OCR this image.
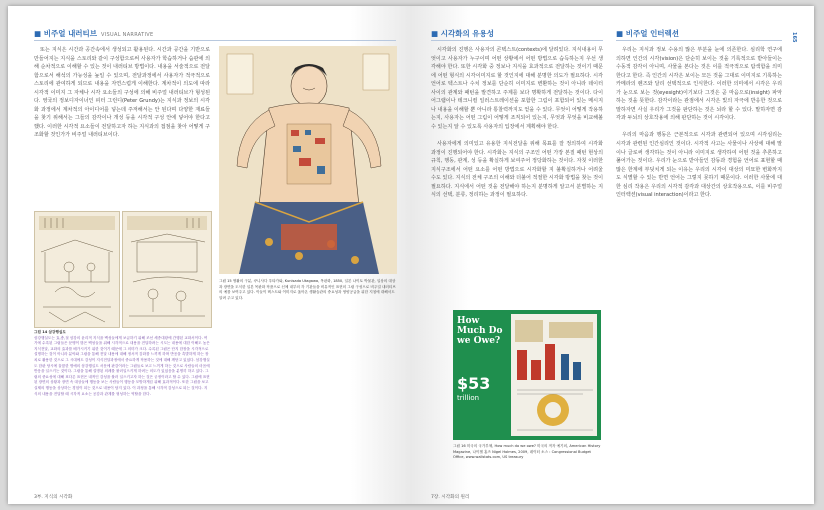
■ 비주얼 내러티브 VISUAL NARRATIVE

또는 지식은 시간과 공간속에서 생성되고 활용된다. 시간과 공간을 기반으로 만들어지는 지식을 스토리와 같이 구성함으로써 사용자가 학습하거나 습관에 의해 순차적으로 이해할 수 있는 것이 내러티브 방법이다. 내용을 서술적으로 전달함으로서 해석의 가능성을 높일 수 있으며, 전달과정에서 사용자가 적극적으로 스토리에 관여하게 되므로 내용을 자연스럽게 이해한다. 계차적이 의도에 따라 시각적 이미지 그 자체나 시각 요소들의 구성에 의해 비주얼 내러티브가 형성된다. 영국의 정보디자이너인 피터 그런디(Peter Grundy)는 지식과 정보의 시각화 과정에서 계차적의 아이디어를 넣는데 주저해서는 안 된다며 다양한 재료들을 찾기 위해서는 그들의 감각이나 개성 등을 시각적 구성 안에 넣어야 한다고 했다. 이러한 시각적 요소들이 전달하고자 하는 지식과의 접점을 찾아 어떻게 구조화할 것인가가 비주얼 내러티브이다.

그림 14 삼강행실도
삼강행실도는 효,충,절 삼강의 윤리적 지식을 백성들에게 보급하기 위해 조선 세종대왕에 간행된 교화서이다. 여기에 수록된 그림들은 문맹이 많은 백성들을 위해 시각적으로 내용을 전달하려는 시도는 내용에 대한 이해도 높은 지식전달, 교화의 효과를 배가시키기 위한 것이기 때문에 그 의미가 크다. 수록된 그림은 단지 한장을 시각적으로 설명하는 것이 아니라 분야와 그림을 통해 전달 내용에 대해 정서적 감화를 느끼게 하며 반응을 촉발하게 하는 장치로 활용한 것으로 그 시대에도 감성이 지식전달과정에서 중요하게 작용하는 것에 대해 깨닫고 있었다. 삼강행실도 한판 당시에 훌륭한 명예의 삼강행실도 서문에 판감이라는 그림들로 보고 느끼게 하는 것으로 사람들의 마음에 반응을 일으키는 것이다. 그림을 통해 설명된 의례를 불러일으키게 하려는 의도가 있었음을 분명히 하고 있다. 그림의 중요성에 대해 표다른 표현은 내적인 감성을 불러 일으키고자 하는 것은 궁정이라고 할 수 있다. 그림에 표현된 장면의 상황과 장면 속 대상들에 행동을 보는 사람들이 행동을 모방하게끔 위해 효과적이다. 또한 그림을 보고 실제의 행동을 상상하는 경험이 되는 것으로 내용이 담겨 있다. 이 과정을 통해 시각적 감성으로 되는 것이다. 지식의 내용을 전달할 때 시각적 요소는 공감과 관계를 형성하는 역할을 한다.
그림 15 생활의 구분, 쿠니사다 우타가와, Kunisada Utagawa, 목판화, 1850, 일본 나이토 박물관, 일상의 대상과 장면을 도식한 일본 목판화 작품으로 신체 내부의 각 기관들을 비유적인 표현의 그림 구성으로 비주얼 내러티브의 예를 보여주고 있다. 이들이 텍스트와 이미지로 옮아온 생활습관의 중요성과 영양공급을 위한 지침에 대해서도 알려 주고 있다.
3부. 지식의 시각화
■ 시각화의 유용성	■ 비주얼 인터렉션	165

시각화의 진행은 사용자의 콘텍스트(contexts)에 달려있다. 지식내용이 무엇이고 사용자가 누구이며 어떤 상황에서 어떤 방법으로 습득하는지 우선 생각해야 한다. 또한 시각화 중 정보나 지식을 효과적으로 전달하는 것이기 때문에 어떤 형식의 시각이미지로 할 것인지에 대해 분명한 의도가 필요하다. 시각 언어로 텍스트나 수치 정보를 단순히 이미지로 변환하는 것이 아니라 데이터 사이의 관계와 패턴을 발견하고 주제를 보다 명확하게 전달하는 것이다. 다이어그램이나 테크니컬 일러스트레이션을 포함한 그림이 포함되어 있는 메시지나 내용을 이해할 뿐 아니라 통찰력까지도 얻을 수 있다. 무엇이 어떻게 작용하는지, 사용자는 어떤 그림이 어떻게 조직되어 있는지, 무엇과 무엇을 비교해볼 수 있는지 알 수 있도록 사용자의 입장에서 계획해야 한다.

사용자에게 의미있고 유용한 지식전달을 위해 목표를 잘 정의하여 시각화 과정이 진행되어야 한다. 시각화는 지식의 구조인 어떤 가장 본질 패턴 현상의 규칙, 행동, 관계, 성 등을 확실하게 보여주어 정당화하는 것이다. 자칫 이러한 지식구조에서 어떤 요소를 어떤 방법으로 시각화할 지 불확실하거나 어려울 수도 있다. 지식의 전체 구조의 이해와 더불어 적절한 시각화 방법을 찾는 것이 필요하다. 지식에서 어떤 것을 전달해야 하는지 분명하게 알고서 분별하는 지식의 선택, 분류, 정리하는 과정이 필요하다.

우리는 지식과 정보 수용의 많은 부분을 눈에 의존한다. 심리학 연구에 의하면 인간의 시각(vision)은 단순히 보이는 것을 기록적으로 받아들이는 수동적 감각이 아니며, 사물을 본다는 것은 이를 적극적으로 탐색함을 의미한다고 한다. 즉 인간의 시각은 보이는 모든 것을 그대로 이미지로 기록하는 카메라의 렌즈와 달리 선택적으로 인식한다. 이러한 의미에서 시각은 우리가 눈으로 보는 것(eyesight)이기보다 그것은 곧 마음으로(insight) 파악하는 것을 뜻한다. 감각이라는 관점에서 시각은 빛의 자극에 반응한 것으로 말하자면 사실 우리가 그것을 판단하는 것은 뇌라 할 수 있다. 말하자면 감각과 두뇌의 상호작용에 의해 판단하는 것이 시각이다.

우리의 마음과 행동은 근본적으로 시각과 관련되어 있으며 시각심리는 시각과 관련된 인간심리인 것이다. 시각적 사고는 사물이나 사상에 대해 말이나 글로써 생각하는 것이 아니라 이미지로 생각하여 어떤 것을 추론하고 풀어가는 것이다. 우리가 눈으로 받아들인 감동과 경험을 언어로 표현할 때 많은 한계에 부딪치게 되는 이유는 우리의 시각이 대상의 미묘한 변화까지도 식별할 수 있는 반면 언어는 그렇지 못하기 때문이다. 이러한 사물에 대한 심리 작용은 우리의 시각적 감각과 대상간의 상호작용으로, 이를 비주얼 인터렉션(visual interaction)이라고 한다.

How Much Do we Owe?
$53
trillion
그림 16 미국의 국가부채, How much do we owe? 미국의 적자 예기외, American History Magazine, 나이젤 홈즈 Nigel Holmes, 2009, 데이터 소스 : Congressional Budget Office, www.wallstats.com, US treasury
7장. 시각화의 원리
